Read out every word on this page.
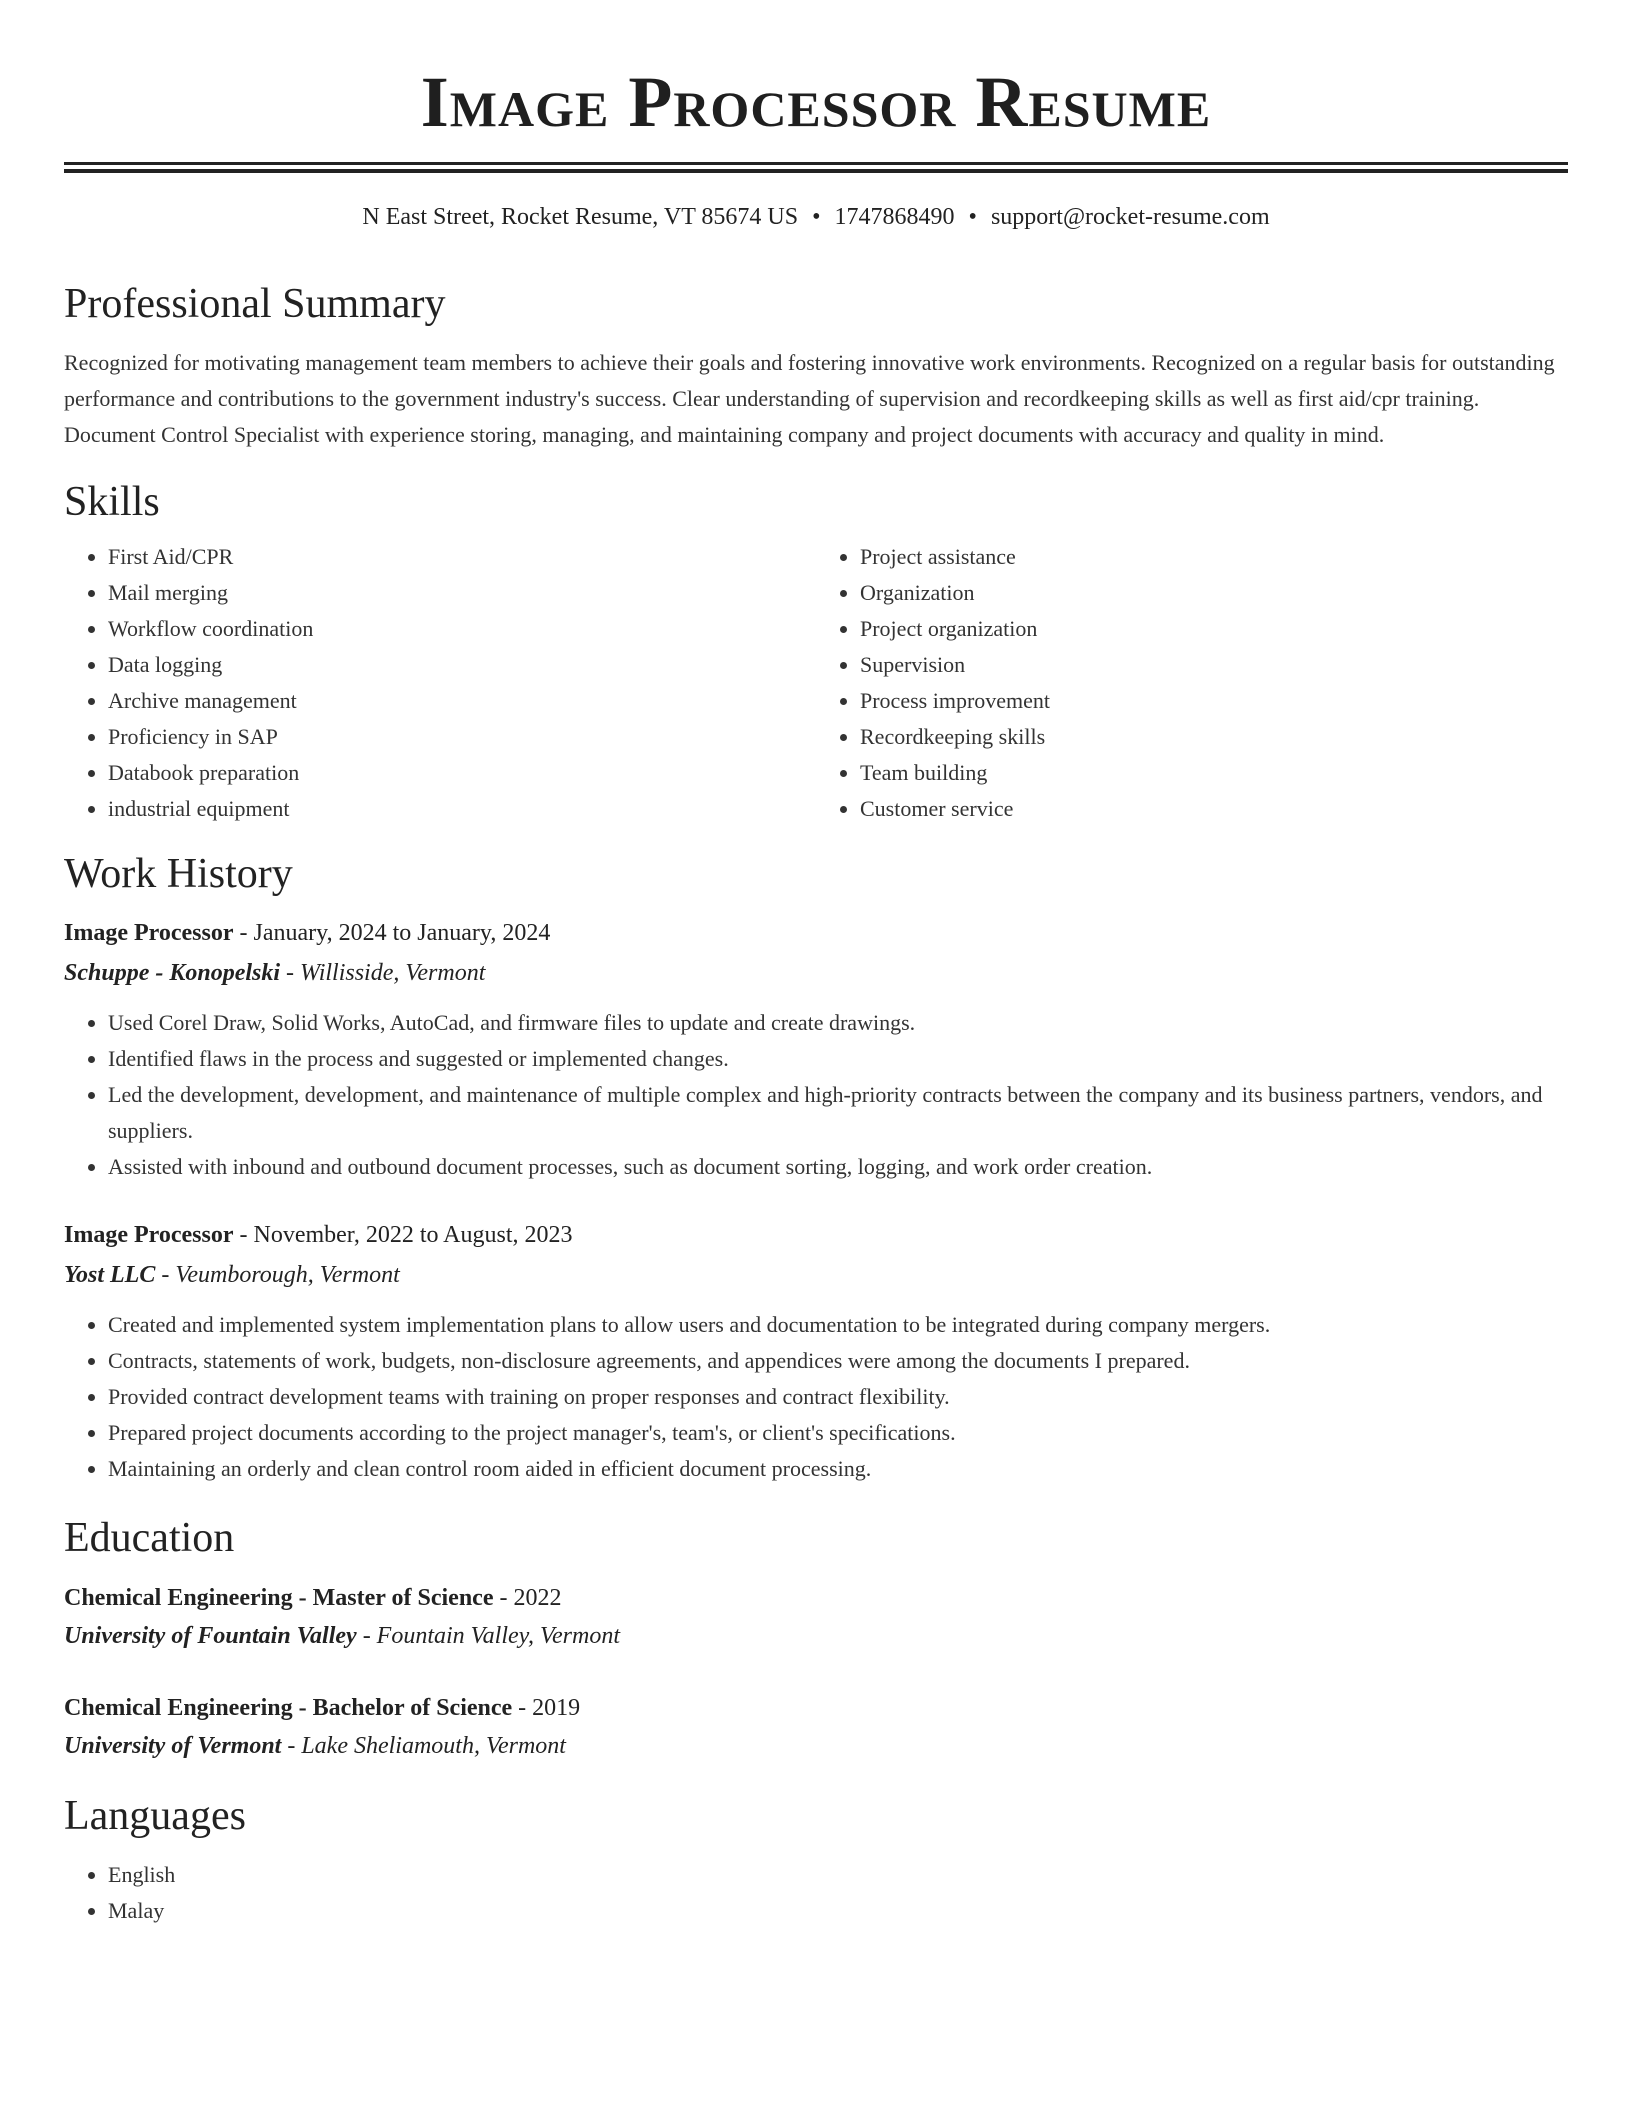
Image Processor Resume
N East Street, Rocket Resume, VT 85674 US • 1747868490 • support@rocket-resume.com
Professional Summary

Recognized for motivating management team members to achieve their goals and fostering innovative work environments. Recognized on a regular basis for outstanding performance and contributions to the government industry's success. Clear understanding of supervision and recordkeeping skills as well as first aid/cpr training. Document Control Specialist with experience storing, managing, and maintaining company and project documents with accuracy and quality in mind.

Skills
• First Aid/CPR
• Mail merging
• Workflow coordination
• Data logging
• Archive management
• Proficiency in SAP
• Databook preparation
• industrial equipment
• Project assistance
• Organization
• Project organization
• Supervision
• Process improvement
• Recordkeeping skills
• Team building
• Customer service
Work History
Image Processor - January, 2024 to January, 2024
Schuppe - Konopelski - Willisside, Vermont
• Used Corel Draw, Solid Works, AutoCad, and firmware files to update and create drawings.
• Identified flaws in the process and suggested or implemented changes.
• Led the development, development, and maintenance of multiple complex and high-priority contracts between the company and its business partners, vendors, and suppliers.
• Assisted with inbound and outbound document processes, such as document sorting, logging, and work order creation.
Image Processor - November, 2022 to August, 2023
Yost LLC - Veumborough, Vermont
• Created and implemented system implementation plans to allow users and documentation to be integrated during company mergers.
• Contracts, statements of work, budgets, non-disclosure agreements, and appendices were among the documents I prepared.
• Provided contract development teams with training on proper responses and contract flexibility.
• Prepared project documents according to the project manager's, team's, or client's specifications.
• Maintaining an orderly and clean control room aided in efficient document processing.
Education
Chemical Engineering - Master of Science - 2022
University of Fountain Valley - Fountain Valley, Vermont
Chemical Engineering - Bachelor of Science - 2019
University of Vermont - Lake Sheliamouth, Vermont
Languages
• English
• Malay
